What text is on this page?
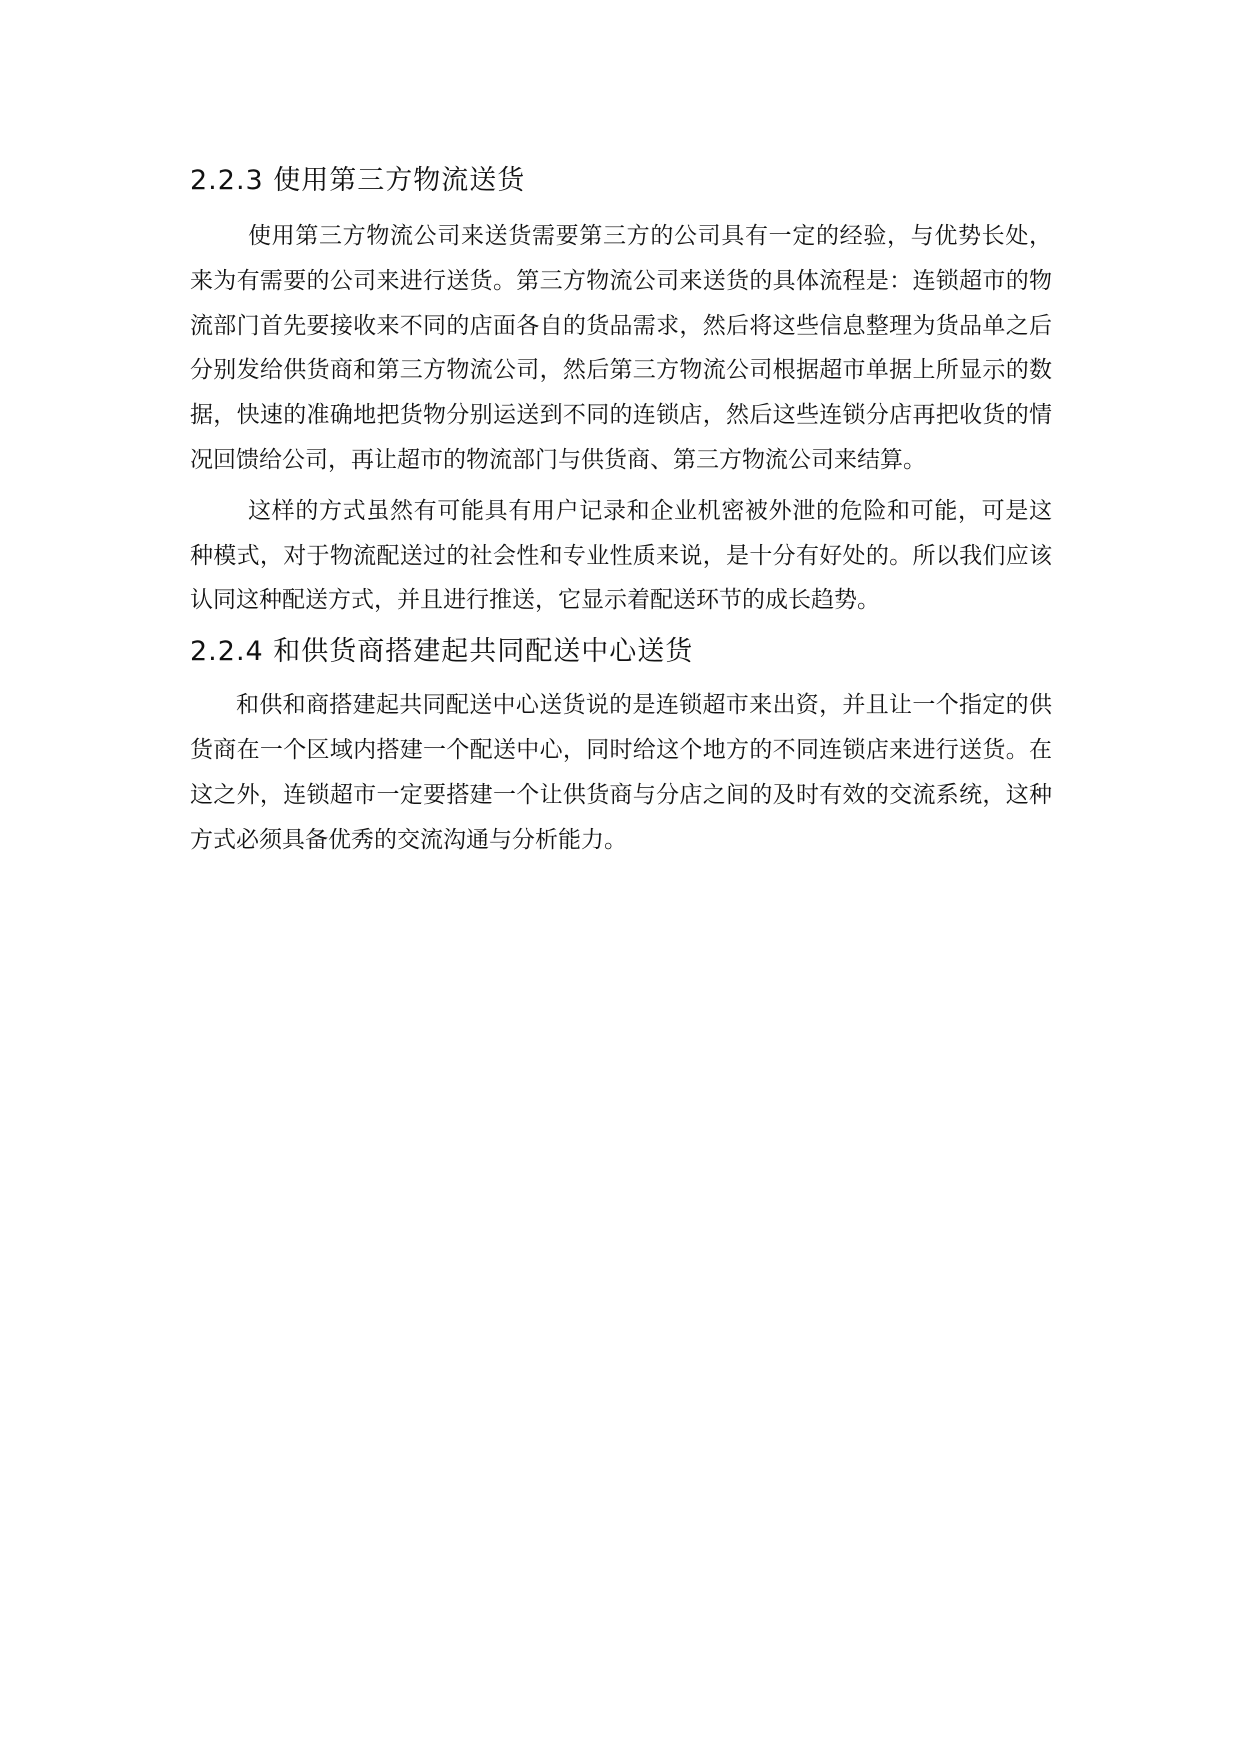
2.2.3 使用第三方物流送货

使用第三方物流公司来送货需要第三方的公司具有一定的经验，与优势长处，来为有需要的公司来进行送货。第三方物流公司来送货的具体流程是：连锁超市的物流部门首先要接收来不同的店面各自的货品需求，然后将这些信息整理为货品单之后分别发给供货商和第三方物流公司，然后第三方物流公司根据超市单据上所显示的数据，快速的准确地把货物分别运送到不同的连锁店，然后这些连锁分店再把收货的情况回馈给公司，再让超市的物流部门与供货商、第三方物流公司来结算。

这样的方式虽然有可能具有用户记录和企业机密被外泄的危险和可能，可是这种模式，对于物流配送过的社会性和专业性质来说，是十分有好处的。所以我们应该认同这种配送方式，并且进行推送，它显示着配送环节的成长趋势。

2.2.4 和供货商搭建起共同配送中心送货

和供和商搭建起共同配送中心送货说的是连锁超市来出资，并且让一个指定的供货商在一个区域内搭建一个配送中心，同时给这个地方的不同连锁店来进行送货。在这之外，连锁超市一定要搭建一个让供货商与分店之间的及时有效的交流系统，这种方式必须具备优秀的交流沟通与分析能力。
